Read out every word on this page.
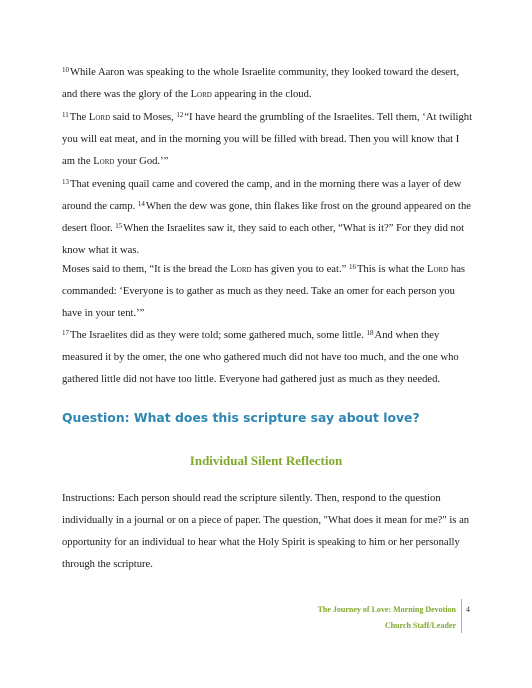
$^{10}$While Aaron was speaking to the whole Israelite community, they looked toward the desert, and there was the glory of the Lord appearing in the cloud.

$^{11}$The Lord said to Moses, $^{12}$“I have heard the grumbling of the Israelites. Tell them, ‘At twilight you will eat meat, and in the morning you will be filled with bread. Then you will know that I am the Lord your God.’”

$^{13}$That evening quail came and covered the camp, and in the morning there was a layer of dew around the camp. $^{14}$When the dew was gone, thin flakes like frost on the ground appeared on the desert floor. $^{15}$When the Israelites saw it, they said to each other, “What is it?” For they did not know what it was.

Moses said to them, “It is the bread the Lord has given you to eat.” $^{16}$This is what the Lord has commanded: ‘Everyone is to gather as much as they need. Take an omer for each person you have in your tent.’”

$^{17}$The Israelites did as they were told; some gathered much, some little. $^{18}$And when they measured it by the omer, the one who gathered much did not have too much, and the one who gathered little did not have too little. Everyone had gathered just as much as they needed.

Question: What does this scripture say about love?

Individual Silent Reflection

Instructions: Each person should read the scripture silently. Then, respond to the question individually in a journal or on a piece of paper. The question, "What does it mean for me?" is an opportunity for an individual to hear what the Holy Spirit is speaking to him or her personally through the scripture.

The Journey of Love: Morning Devotion

Church Staff/Leader

4
